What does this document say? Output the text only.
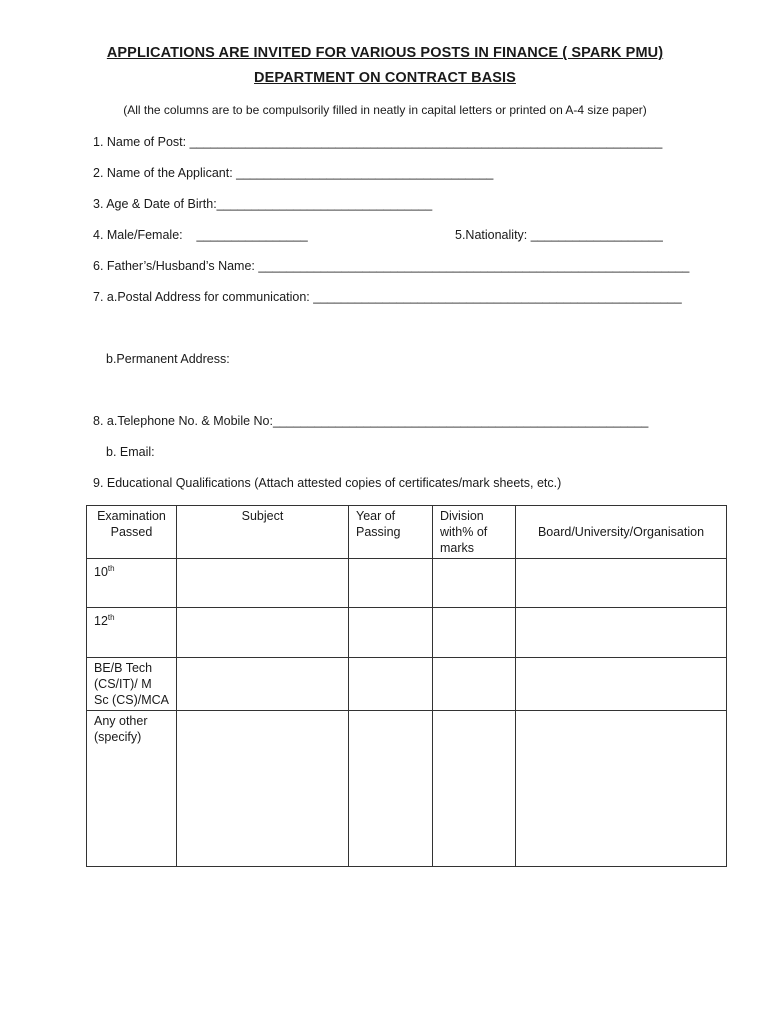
APPLICATIONS ARE INVITED FOR VARIOUS POSTS IN FINANCE ( SPARK PMU)
DEPARTMENT ON CONTRACT BASIS
(All the columns are to be compulsorily filled in neatly in capital letters or printed on A-4 size paper)
1. Name of Post: ____________________________________________________________________
2. Name of the Applicant: _____________________________________
3. Age & Date of Birth:_______________________________
4. Male/Female:    ________________	5.Nationality: ___________________
6. Father’s/Husband’s Name: ______________________________________________________________
7. a.Postal Address for communication: _____________________________________________________
b.Permanent Address:
8. a.Telephone No. & Mobile No:______________________________________________________
b. Email:
9. Educational Qualifications (Attach attested copies of certificates/mark sheets, etc.)
Examination Passed	Subject	Year of Passing	Division with% of marks	Board/University/Organisation
10th				
12th				
BE/B Tech (CS/IT)/ M Sc (CS)/MCA				
Any other (specify)				
